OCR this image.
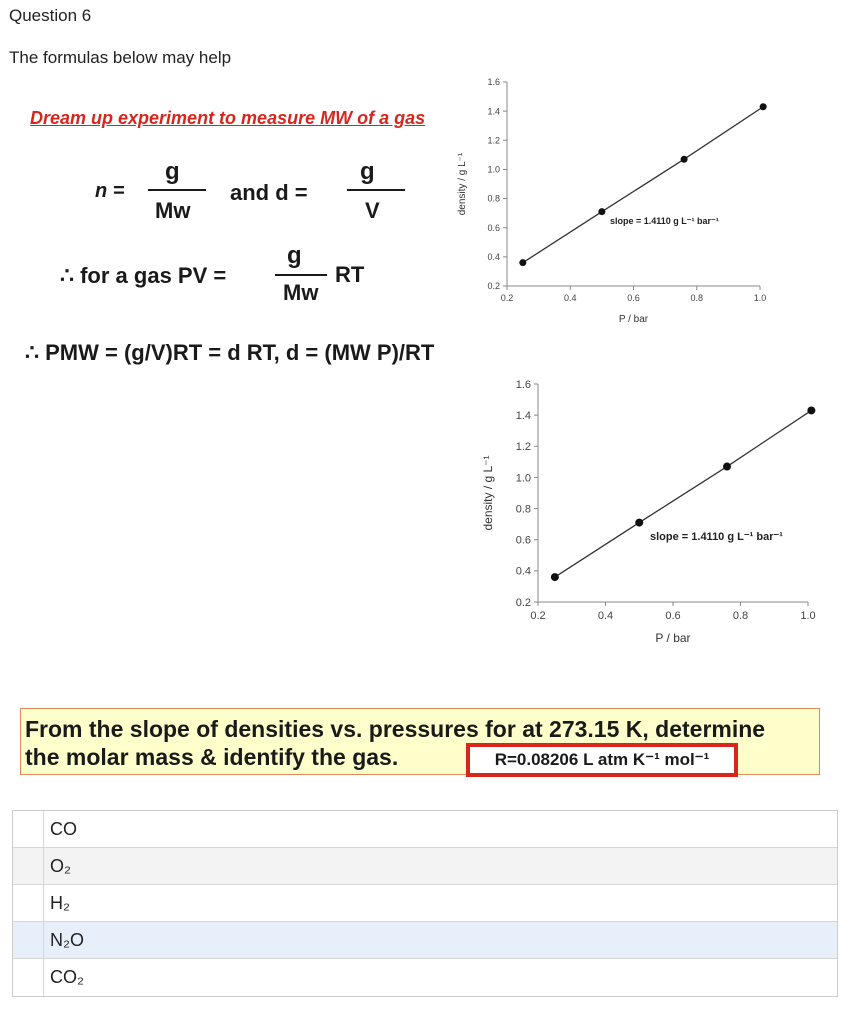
Question 6
The formulas below may help
Dream up experiment to measure MW of a gas
n =
g
Mw
and d =
g
V
∴ for a gas PV =
g
Mw
RT
∴ PMW = (g/V)RT = d RT, d = (MW P)/RT
0.2
0.4
0.6
0.8
1.0
1.2
1.4
1.6
0.2	0.4	0.6	0.8	1.0
P / bar
density / g L⁻¹
slope = 1.4110 g L⁻¹ bar⁻¹
0.2
0.4
0.6
0.8
1.0
1.2
1.4
1.6
0.2	0.4	0.6	0.8	1.0
P / bar
density / g L⁻¹
slope = 1.4110 g L⁻¹ bar⁻¹
From the slope of densities vs. pressures for at 273.15 K, determine
the molar mass & identify the gas.	R=0.08206 L atm K⁻¹ mol⁻¹
CO
O₂
H₂
N₂O
CO₂
